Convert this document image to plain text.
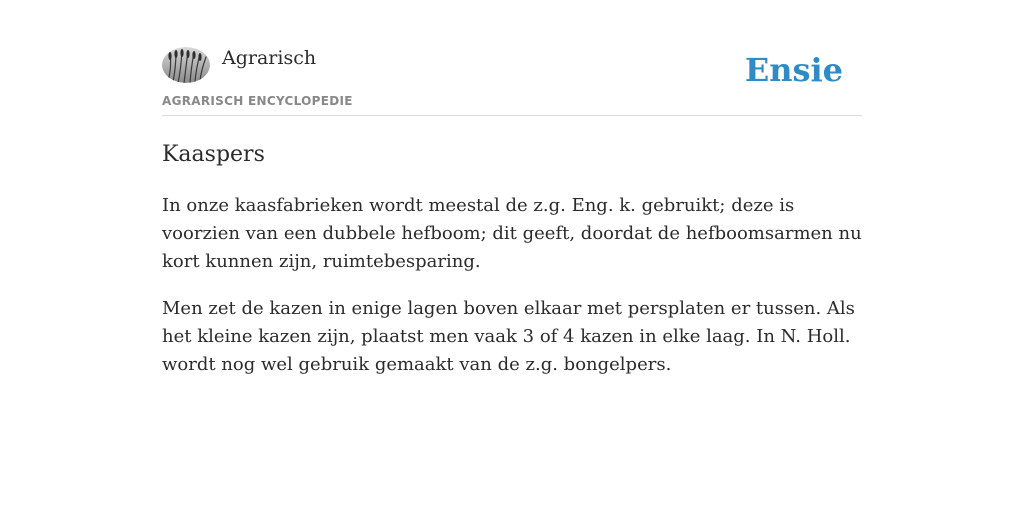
Agrarisch
AGRARISCH ENCYCLOPEDIE
Ensie
Kaaspers

In onze kaasfabrieken wordt meestal de z.g. Eng. k. gebruikt; deze is voorzien van een dubbele hefboom; dit geeft, doordat de hefboomsarmen nu kort kunnen zijn, ruimtebesparing.

Men zet de kazen in enige lagen boven elkaar met persplaten er tussen. Als het kleine kazen zijn, plaatst men vaak 3 of 4 kazen in elke laag. In N. Holl. wordt nog wel gebruik gemaakt van de z.g. bongelpers.
